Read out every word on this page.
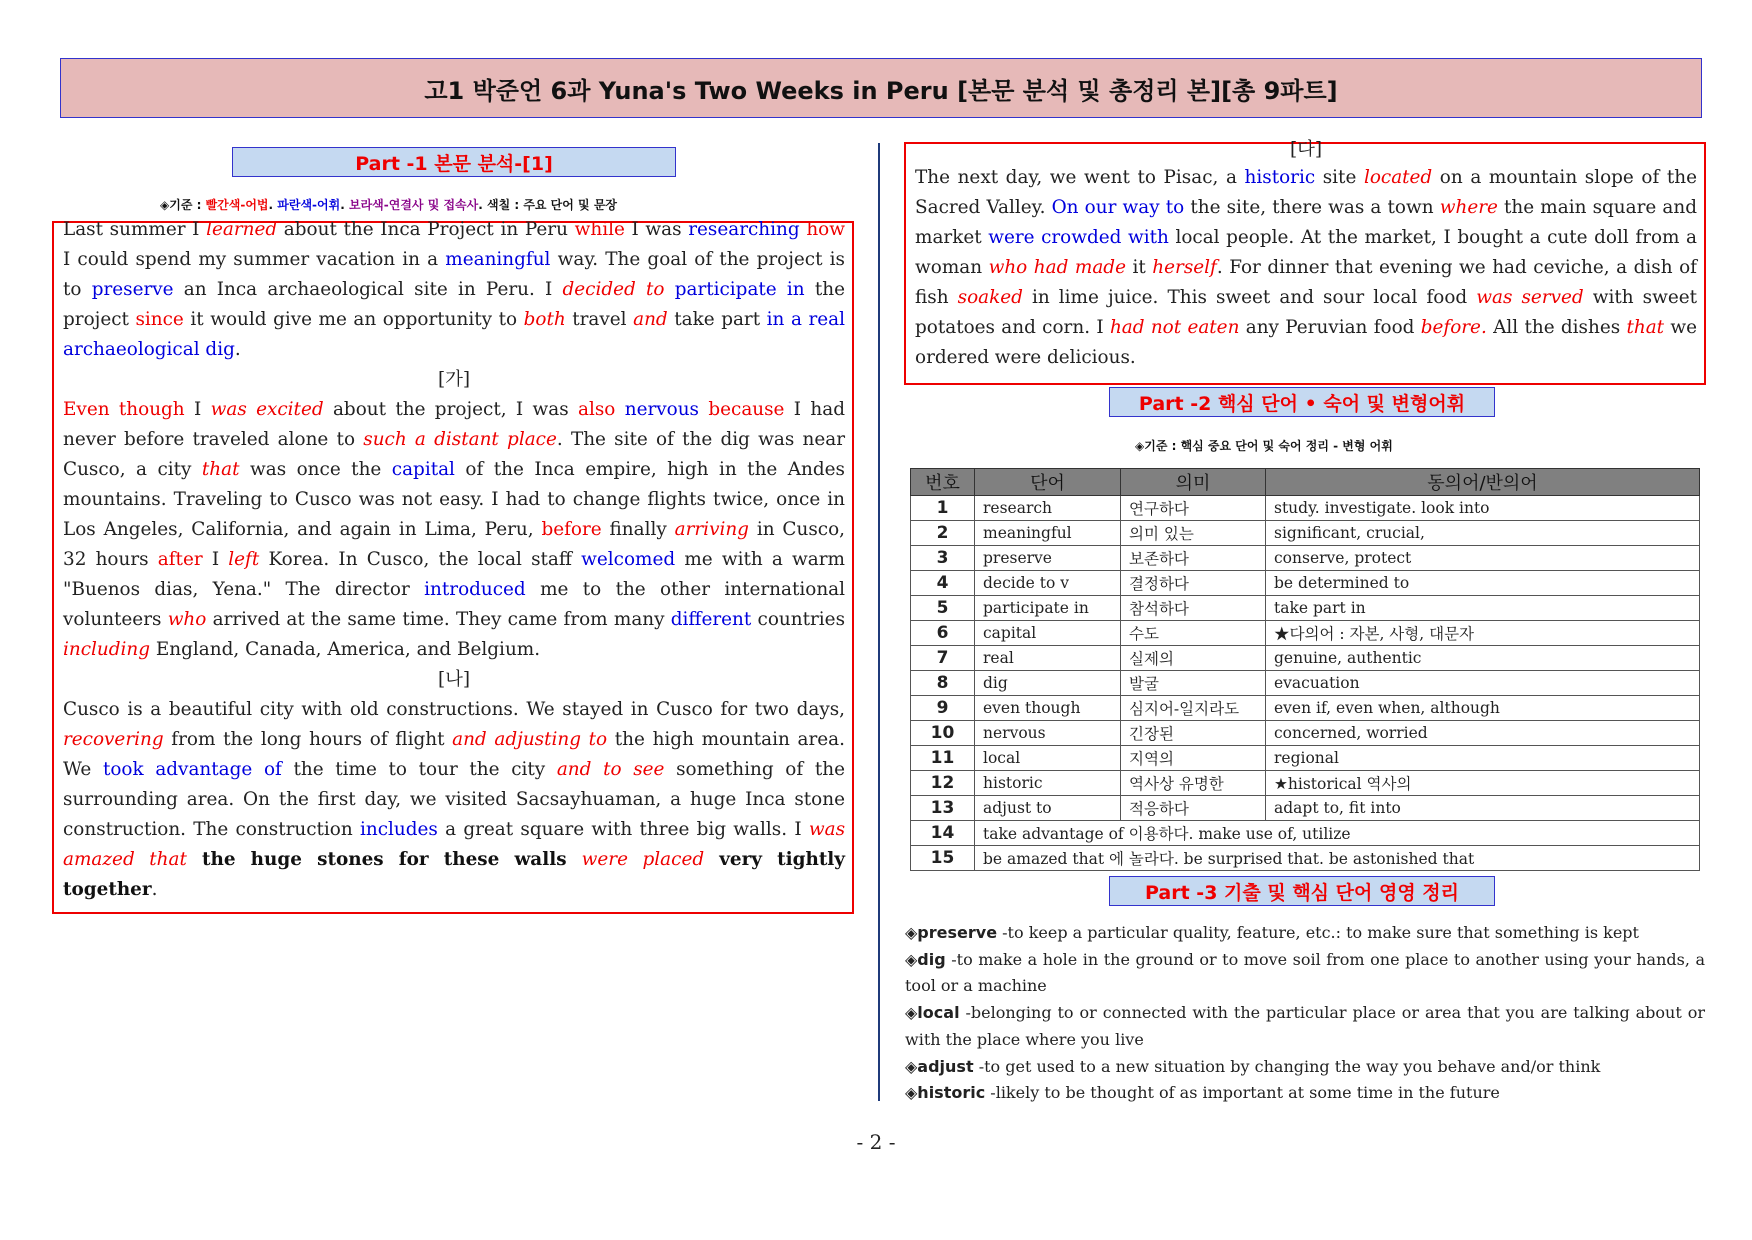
고1 박준언 6과 Yuna's Two Weeks in Peru [본문 분석 및 총정리 본][총 9파트]
Part -1 본문 분석-[1]
◈기준 : 빨간색-어법. 파란색-어휘. 보라색-연결사 및 접속사. 색칠 : 주요 단어 및 문장

Last summer I learned about the Inca Project in Peru while I was researching how I could spend my summer vacation in a meaningful way. The goal of the project is to preserve an Inca archaeological site in Peru. I decided to participate in the project since it would give me an opportunity to both travel and take part in a real archaeological dig.

[가]

Even though I was excited about the project, I was also nervous because I had never before traveled alone to such a distant place. The site of the dig was near Cusco, a city that was once the capital of the Inca empire, high in the Andes mountains. Traveling to Cusco was not easy. I had to change flights twice, once in Los Angeles, California, and again in Lima, Peru, before finally arriving in Cusco, 32 hours after I left Korea. In Cusco, the local staff welcomed me with a warm "Buenos dias, Yena." The director introduced me to the other international volunteers who arrived at the same time. They came from many different countries including England, Canada, America, and Belgium.

[나]

Cusco is a beautiful city with old constructions. We stayed in Cusco for two days, recovering from the long hours of flight and adjusting to the high mountain area. We took advantage of the time to tour the city and to see something of the surrounding area. On the first day, we visited Sacsayhuaman, a huge Inca stone construction. The construction includes a great square with three big walls. I was amazed that the huge stones for these walls were placed very tightly together.

[다]

The next day, we went to Pisac, a historic site located on a mountain slope of the Sacred Valley. On our way to the site, there was a town where the main square and market were crowded with local people. At the market, I bought a cute doll from a woman who had made it herself. For dinner that evening we had ceviche, a dish of fish soaked in lime juice. This sweet and sour local food was served with sweet potatoes and corn. I had not eaten any Peruvian food before. All the dishes that we ordered were delicious.

Part -2 핵심 단어 • 숙어 및 변형어휘
◈기준 : 핵심 중요 단어 및 숙어 정리 - 변형 어휘
번호	단어	의미	동의어/반의어
1	research	연구하다	study. investigate. look into
2	meaningful	의미 있는	significant, crucial,
3	preserve	보존하다	conserve, protect
4	decide to v	결정하다	be determined to
5	participate in	참석하다	take part in
6	capital	수도	★다의어 : 자본, 사형, 대문자
7	real	실제의	genuine, authentic
8	dig	발굴	evacuation
9	even though	심지어-일지라도	even if, even when, although
10	nervous	긴장된	concerned, worried
11	local	지역의	regional
12	historic	역사상 유명한	★historical 역사의
13	adjust to	적응하다	adapt to, fit into
14	take advantage of 이용하다. make use of, utilize		
15	be amazed that 에 놀라다. be surprised that. be astonished that		
Part -3 기출 및 핵심 단어 영영 정리

◈preserve -to keep a particular quality, feature, etc.: to make sure that something is kept

◈dig -to make a hole in the ground or to move soil from one place to another using your hands, a tool or a machine

◈local -belonging to or connected with the particular place or area that you are talking about or with the place where you live

◈adjust -to get used to a new situation by changing the way you behave and/or think

◈historic -likely to be thought of as important at some time in the future

- 2 -
